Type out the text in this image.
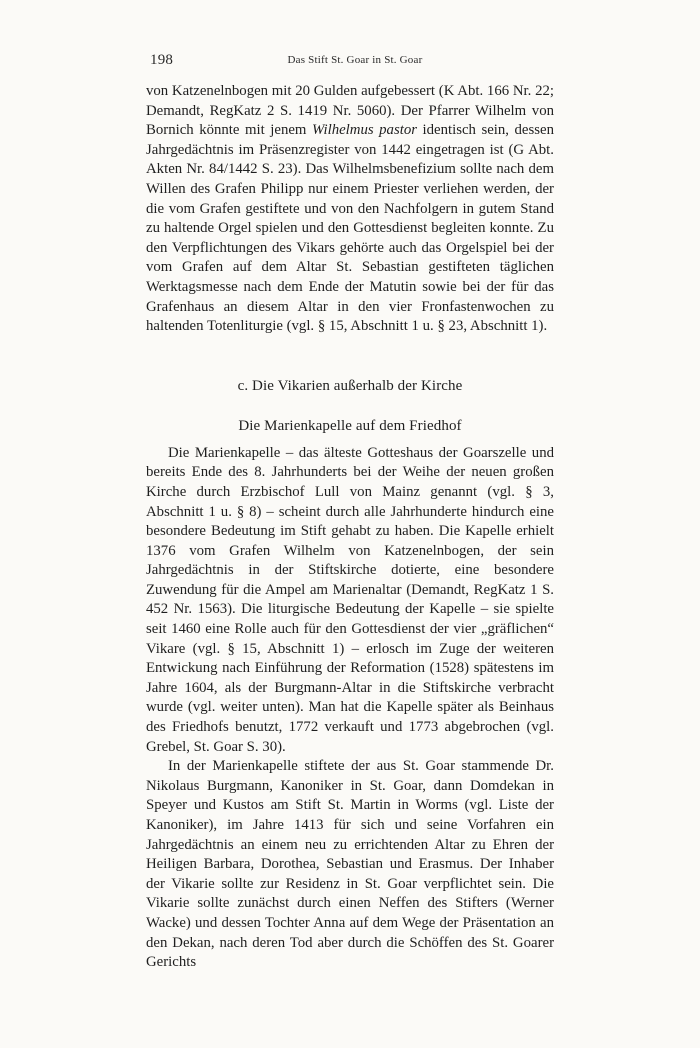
198	Das Stift St. Goar in St. Goar

von Katzenelnbogen mit 20 Gulden aufgebessert (K Abt. 166 Nr. 22; Demandt, RegKatz 2 S. 1419 Nr. 5060). Der Pfarrer Wilhelm von Bornich könnte mit jenem Wilhelmus pastor identisch sein, dessen Jahrgedächtnis im Präsenzregister von 1442 eingetragen ist (G Abt. Akten Nr. 84/1442 S. 23). Das Wilhelmsbenefizium sollte nach dem Willen des Grafen Philipp nur einem Priester verliehen werden, der die vom Grafen gestiftete und von den Nachfolgern in gutem Stand zu haltende Orgel spielen und den Gottesdienst begleiten konnte. Zu den Verpflichtungen des Vikars gehörte auch das Orgelspiel bei der vom Grafen auf dem Altar St. Sebastian gestifteten täglichen Werktagsmesse nach dem Ende der Matutin sowie bei der für das Grafenhaus an diesem Altar in den vier Fronfastenwochen zu haltenden Totenliturgie (vgl. § 15, Abschnitt 1 u. § 23, Abschnitt 1).

c. Die Vikarien außerhalb der Kirche
Die Marienkapelle auf dem Friedhof

Die Marienkapelle – das älteste Gotteshaus der Goarszelle und bereits Ende des 8. Jahrhunderts bei der Weihe der neuen großen Kirche durch Erzbischof Lull von Mainz genannt (vgl. § 3, Abschnitt 1 u. § 8) – scheint durch alle Jahrhunderte hindurch eine besondere Bedeutung im Stift gehabt zu haben. Die Kapelle erhielt 1376 vom Grafen Wilhelm von Katzenelnbogen, der sein Jahrgedächtnis in der Stiftskirche dotierte, eine besondere Zuwendung für die Ampel am Marienaltar (Demandt, RegKatz 1 S. 452 Nr. 1563). Die liturgische Bedeutung der Kapelle – sie spielte seit 1460 eine Rolle auch für den Gottesdienst der vier „gräflichen“ Vikare (vgl. § 15, Abschnitt 1) – erlosch im Zuge der weiteren Entwickung nach Einführung der Reformation (1528) spätestens im Jahre 1604, als der Burgmann-Altar in die Stiftskirche verbracht wurde (vgl. weiter unten). Man hat die Kapelle später als Beinhaus des Friedhofs benutzt, 1772 verkauft und 1773 abgebrochen (vgl. Grebel, St. Goar S. 30).

In der Marienkapelle stiftete der aus St. Goar stammende Dr. Nikolaus Burgmann, Kanoniker in St. Goar, dann Domdekan in Speyer und Kustos am Stift St. Martin in Worms (vgl. Liste der Kanoniker), im Jahre 1413 für sich und seine Vorfahren ein Jahrgedächtnis an einem neu zu errichtenden Altar zu Ehren der Heiligen Barbara, Dorothea, Sebastian und Erasmus. Der Inhaber der Vikarie sollte zur Residenz in St. Goar verpflichtet sein. Die Vikarie sollte zunächst durch einen Neffen des Stifters (Werner Wacke) und dessen Tochter Anna auf dem Wege der Präsentation an den Dekan, nach deren Tod aber durch die Schöffen des St. Goarer Gerichts
